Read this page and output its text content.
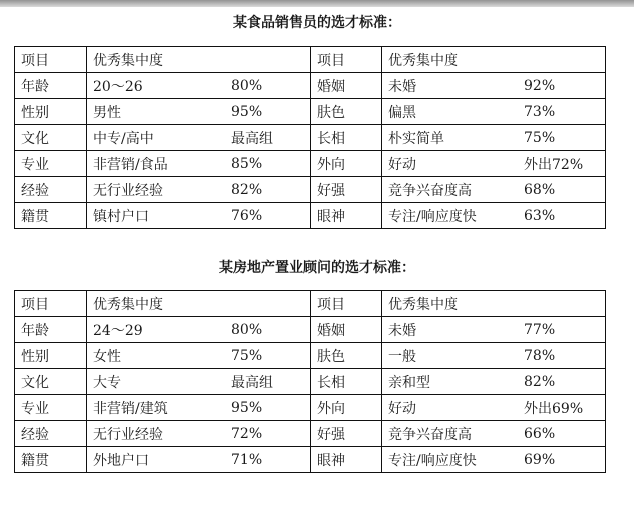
某食品销售员的选才标准：
项目	优秀集中度	项目	优秀集中度
年龄	20～26 80%	婚姻	未婚 92%

性别	男性 95%	肤色	偏黑 73%

文化	中专/高中 最高组	长相	朴实简单 75%

专业	非营销/食品 85%	外向	好动 外出72%

经验	无行业经验 82%	好强	竞争兴奋度高 68%

籍贯	镇村户口 76%	眼神	专注/响应度快 63%
某房地产置业顾问的选才标准：
项目	优秀集中度	项目	优秀集中度
年龄	24～29 80%	婚姻	未婚 77%

性别	女性 75%	肤色	一般 78%

文化	大专 最高组	长相	亲和型 82%

专业	非营销/建筑 95%	外向	好动 外出69%

经验	无行业经验 72%	好强	竞争兴奋度高 66%

籍贯	外地户口 71%	眼神	专注/响应度快 69%
